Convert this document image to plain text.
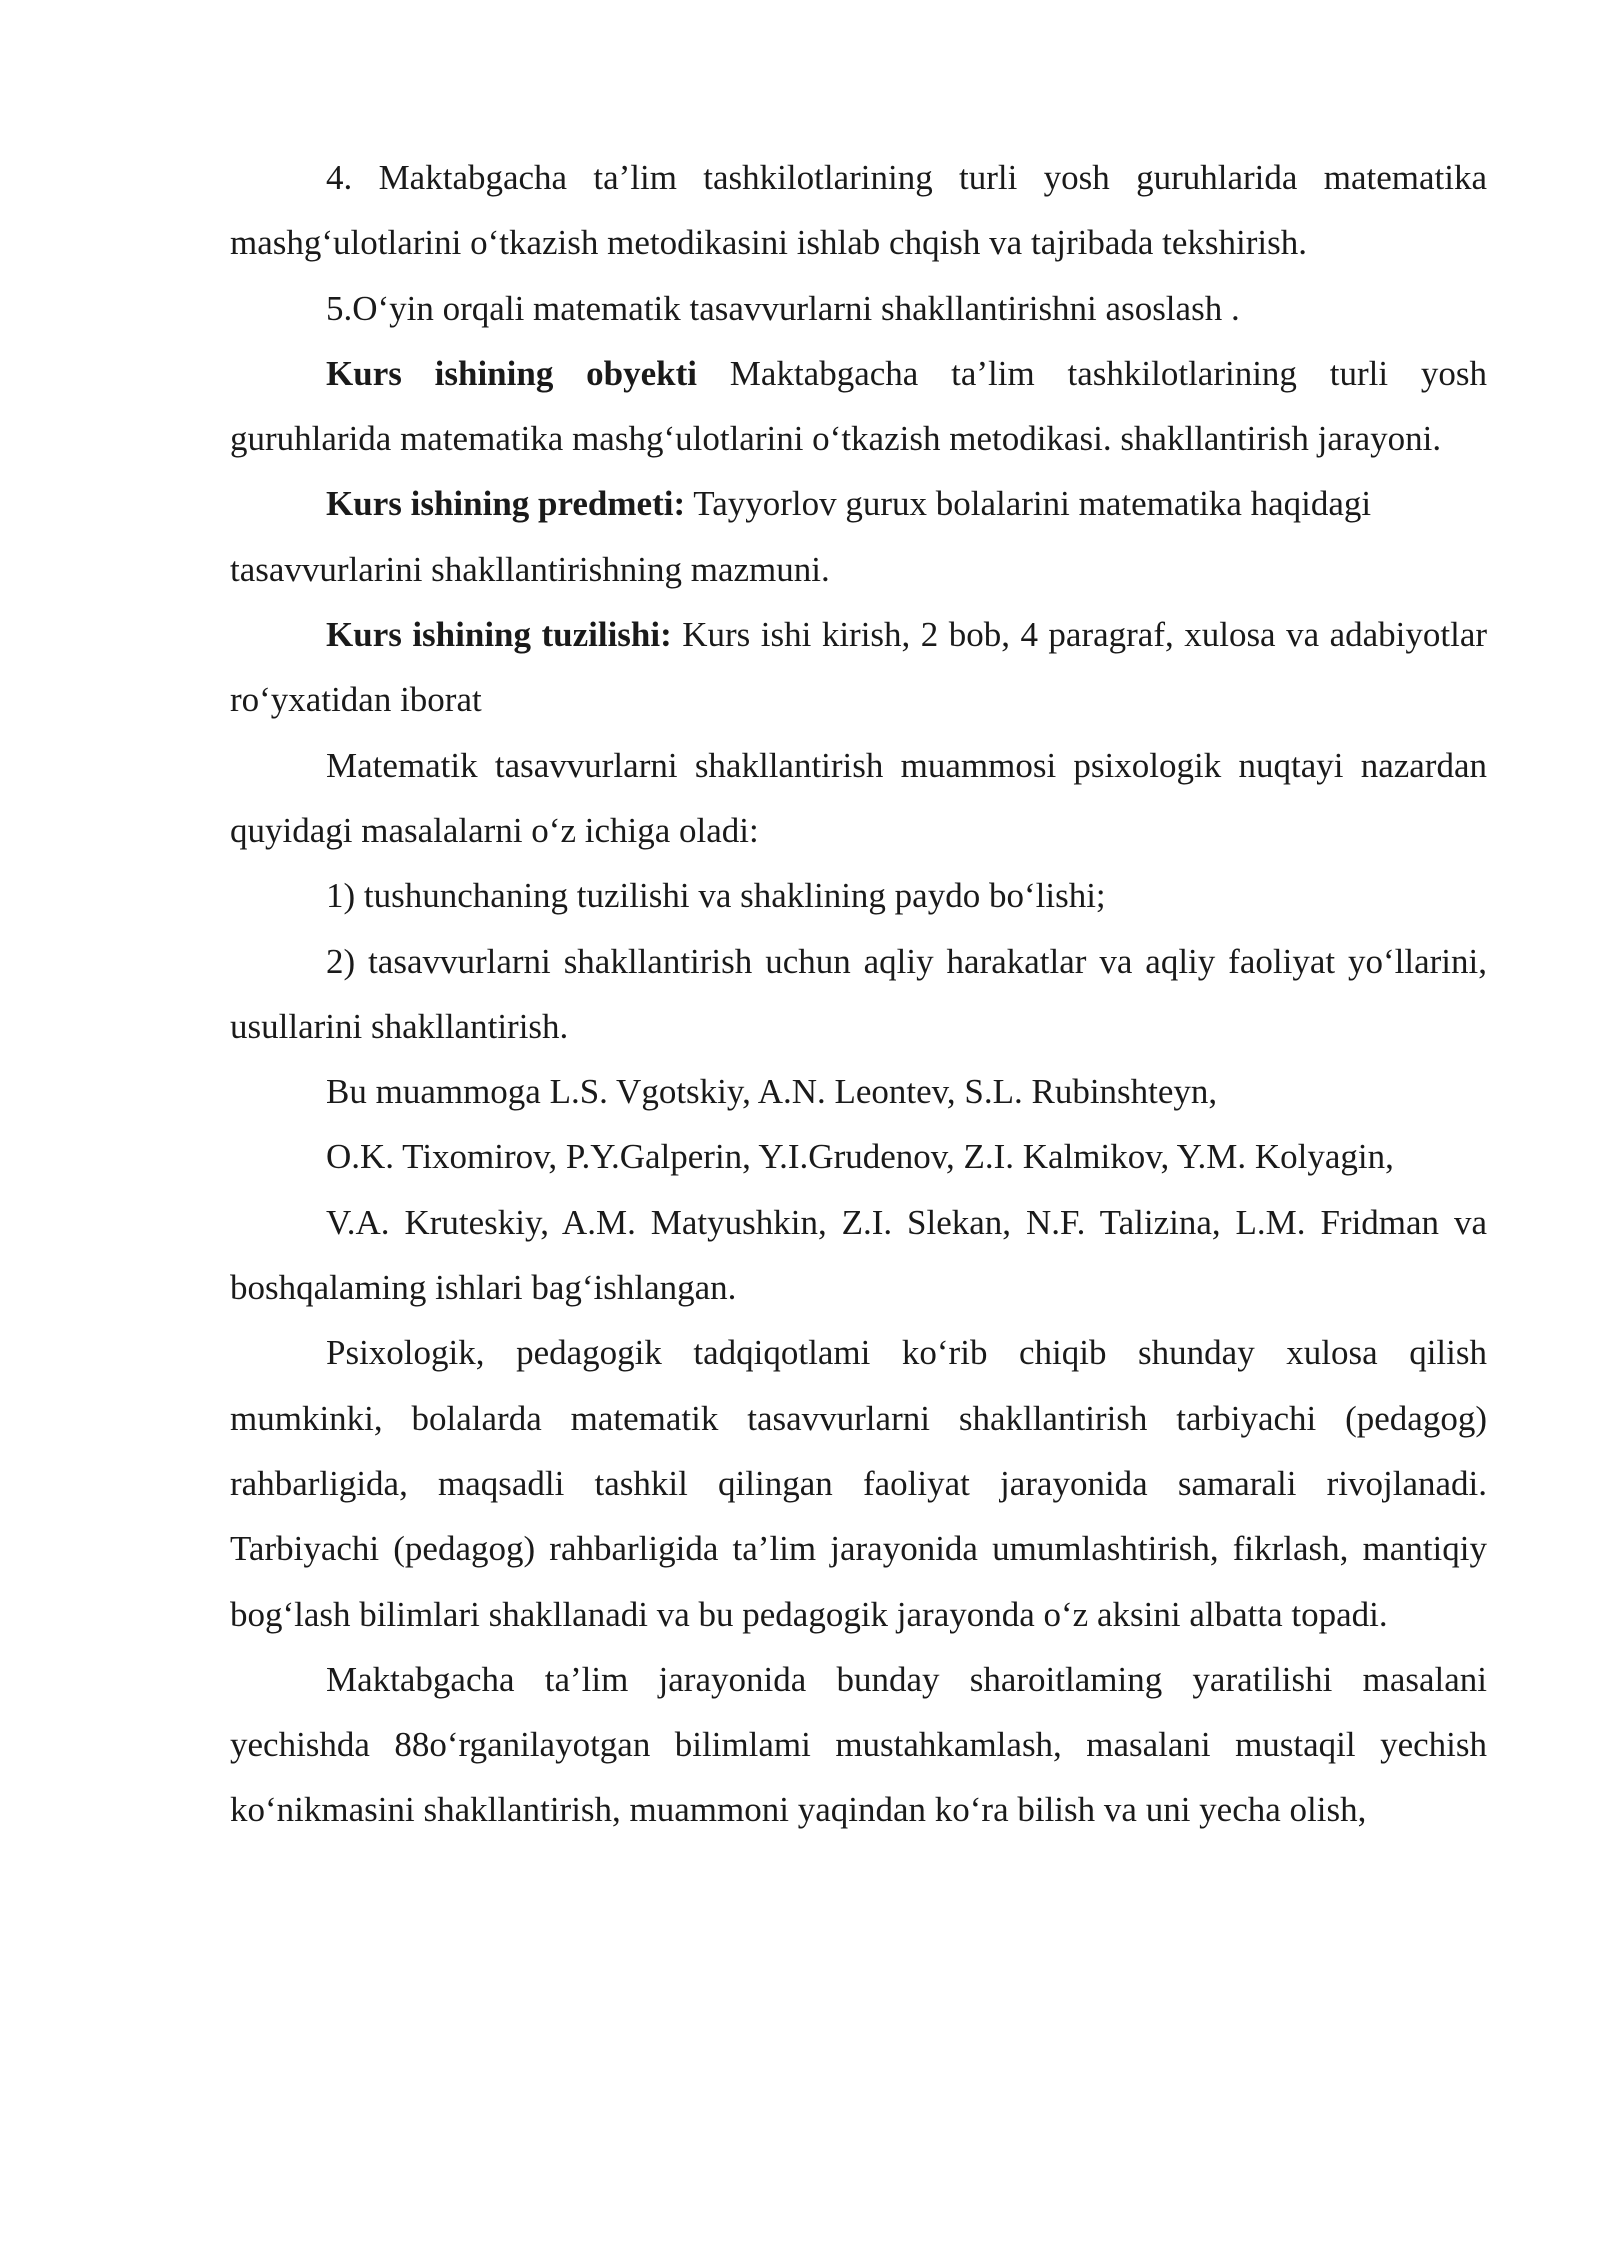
4. Maktabgacha ta’lim tashkilotlarining turli yosh guruhlarida matematika mashg‘ulotlarini o‘tkazish metodikasini ishlab chqish va tajribada tekshirish.

5.O‘yin orqali matematik tasavvurlarni shakllantirishni asoslash .

Kurs ishining obyekti Maktabgacha ta’lim tashkilotlarining turli yosh guruhlarida matematika mashg‘ulotlarini o‘tkazish metodikasi. shakllantirish jarayoni.

Kurs ishining predmeti: Tayyorlov gurux bolalarini matematika haqidagi tasavvurlarini shakllantirishning mazmuni.

Kurs ishining tuzilishi: Kurs ishi kirish, 2 bob, 4 paragraf, xulosa va adabiyotlar ro‘yxatidan iborat

Matematik tasavvurlarni shakllantirish muammosi psixologik nuqtayi nazardan quyidagi masalalarni o‘z ichiga oladi:

1) tushunchaning tuzilishi va shaklining paydo bo‘lishi;

2) tasavvurlarni shakllantirish uchun aqliy harakatlar va aqliy faoliyat yo‘llarini, usullarini shakllantirish.

Bu muammoga L.S. Vgotskiy, A.N. Leontev, S.L. Rubinshteyn,

O.K. Tixomirov, P.Y.Galperin, Y.I.Grudenov, Z.I. Kalmikov, Y.M. Kolyagin,

V.A. Kruteskiy, A.M. Matyushkin, Z.I. Slekan, N.F. Talizina, L.M. Fridman va boshqalaming ishlari bag‘ishlangan.

Psixologik, pedagogik tadqiqotlami ko‘rib chiqib shunday xulosa qilish mumkinki, bolalarda matematik tasavvurlarni shakllantirish tarbiyachi (pedagog) rahbarligida, maqsadli tashkil qilingan faoliyat jarayonida samarali rivojlanadi. Tarbiyachi (pedagog) rahbarligida ta’lim jarayonida umumlashtirish, fikrlash, mantiqiy bog‘lash bilimlari shakllanadi va bu pedagogik jarayonda o‘z aksini albatta topadi.

Maktabgacha ta’lim jarayonida bunday sharoitlaming yaratilishi masalani yechishda 88o‘rganilayotgan bilimlami mustahkamlash, masalani mustaqil yechish ko‘nikmasini shakllantirish, muammoni yaqindan ko‘ra bilish va uni yecha olish,
